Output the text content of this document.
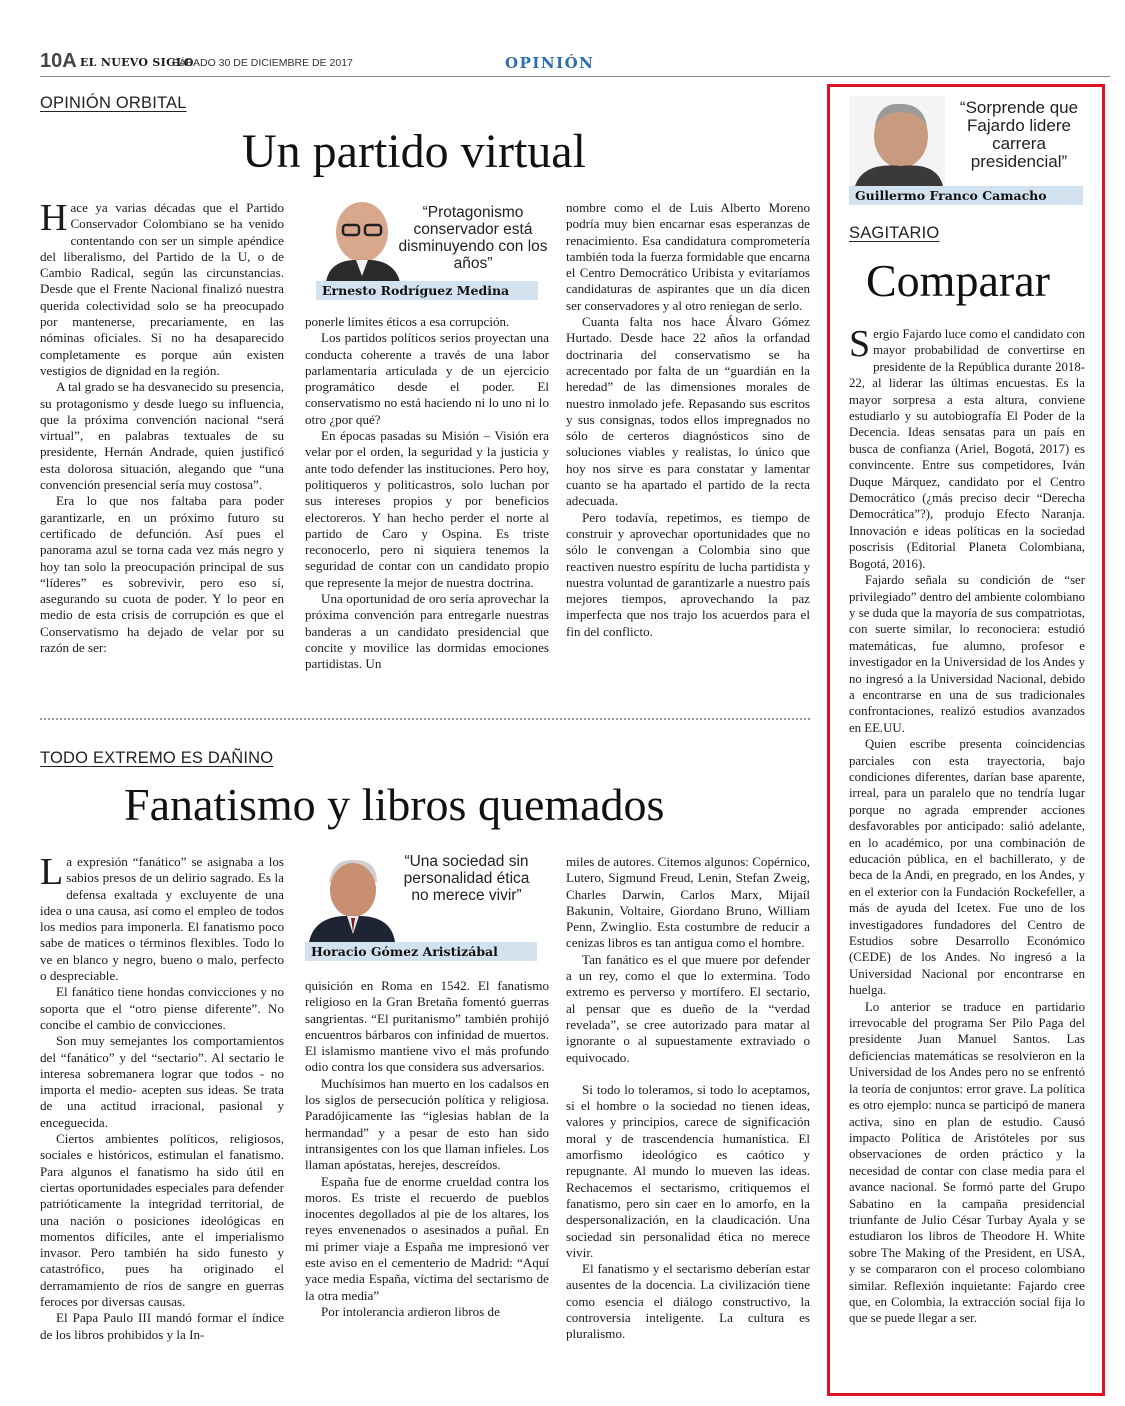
10A EL NUEVO SIGLO
SÁBADO 30 DE DICIEMBRE DE 2017	OPINIÓN
OPINIÓN ORBITAL
Un partido virtual

Hace ya varias décadas que el Partido Conservador Colombiano se ha venido contentando con ser un simple apéndice del liberalismo, del Partido de la U, o de Cambio Radical, según las circunstancias. Desde que el Frente Nacional finalizó nuestra querida colectividad solo se ha preocupado por mantenerse, precariamente, en las nóminas oficiales. Si no ha desaparecido completamente es porque aún existen vestigios de dignidad en la región.

A tal grado se ha desvanecido su presencia, su protagonismo y desde luego su influencia, que la próxima convención nacional “será virtual”, en palabras textuales de su presidente, Hernán Andrade, quien justificó esta dolorosa situación, alegando que “una convención presencial sería muy costosa”.

Era lo que nos faltaba para poder garantizarle, en un próximo futuro su certificado de defunción. Así pues el panorama azul se torna cada vez más negro y hoy tan solo la preocupación principal de sus “líderes” es sobrevivir, pero eso sí, asegurando su cuota de poder. Y lo peor en medio de esta crisis de corrupción es que el Conservatismo ha dejado de velar por su razón de ser:

“Protagonismo conservador está disminuyendo con los años”
Ernesto Rodríguez Medina

ponerle límites éticos a esa corrupción.

Los partidos políticos serios proyectan una conducta coherente a través de una labor parlamentaria articulada y de un ejercicio programático desde el poder. El conservatismo no está haciendo ni lo uno ni lo otro ¿por qué?

En épocas pasadas su Misión – Visión era velar por el orden, la seguridad y la justicia y ante todo defender las instituciones. Pero hoy, politiqueros y politicastros, solo luchan por sus intereses propios y por beneficios electoreros. Y han hecho perder el norte al partido de Caro y Ospina. Es triste reconocerlo, pero ni siquiera tenemos la seguridad de contar con un candidato propio que represente la mejor de nuestra doctrina.

Una oportunidad de oro sería aprovechar la próxima convención para entregarle nuestras banderas a un candidato presidencial que concite y movilice las dormidas emociones partidistas. Un

nombre como el de Luis Alberto Moreno podría muy bien encarnar esas esperanzas de renacimiento. Esa candidatura comprometería también toda la fuerza formidable que encarna el Centro Democrático Uribista y evitaríamos candidaturas de aspirantes que un día dicen ser conservadores y al otro reniegan de serlo.

Cuanta falta nos hace Álvaro Gómez Hurtado. Desde hace 22 años la orfandad doctrinaria del conservatismo se ha acrecentado por falta de un “guardián en la heredad” de las dimensiones morales de nuestro inmolado jefe. Repasando sus escritos y sus consignas, todos ellos impregnados no sólo de certeros diagnósticos sino de soluciones viables y realistas, lo único que hoy nos sirve es para constatar y lamentar cuanto se ha apartado el partido de la recta adecuada.

Pero todavía, repetimos, es tiempo de construir y aprovechar oportunidades que no sólo le convengan a Colombia sino que reactiven nuestro espíritu de lucha partidista y nuestra voluntad de garantizarle a nuestro país mejores tiempos, aprovechando la paz imperfecta que nos trajo los acuerdos para el fin del conflicto.

TODO EXTREMO ES DAÑINO
Fanatismo y libros quemados

La expresión “fanático” se asignaba a los sabios presos de un delirio sagrado. Es la defensa exaltada y excluyente de una idea o una causa, así como el empleo de todos los medios para imponerla. El fanatismo poco sabe de matices o términos flexibles. Todo lo ve en blanco y negro, bueno o malo, perfecto o despreciable.

El fanático tiene hondas convicciones y no soporta que el “otro piense diferente”. No concibe el cambio de convicciones.

Son muy semejantes los comportamientos del “fanático” y del “sectario”. Al sectario le interesa sobremanera lograr que todos - no importa el medio- acepten sus ideas. Se trata de una actitud irracional, pasional y enceguecida.

Ciertos ambientes políticos, religiosos, sociales e históricos, estimulan el fanatismo. Para algunos el fanatismo ha sido útil en ciertas oportunidades especiales para defender patrióticamente la integridad territorial, de una nación o posiciones ideológicas en momentos difíciles, ante el imperialismo invasor. Pero también ha sido funesto y catastrófico, pues ha originado el derramamiento de ríos de sangre en guerras feroces por diversas causas.

El Papa Paulo III mandó formar el índice de los libros prohibidos y la In-

“Una sociedad sin personalidad ética no merece vivir”
Horacio Gómez Aristizábal

quisición en Roma en 1542. El fanatismo religioso en la Gran Bretaña fomentó guerras sangrientas. “El puritanismo” también prohijó encuentros bárbaros con infinidad de muertos. El islamismo mantiene vivo el más profundo odio contra los que considera sus adversarios.

Muchísimos han muerto en los cadalsos en los siglos de persecución política y religiosa. Paradójicamente las “iglesias hablan de la hermandad” y a pesar de esto han sido intransigentes con los que llaman infieles. Los llaman apóstatas, herejes, descreídos.

España fue de enorme crueldad contra los moros. Es triste el recuerdo de pueblos inocentes degollados al pie de los altares, los reyes envenenados o asesinados a puñal. En mi primer viaje a España me impresionó ver este aviso en el cementerio de Madrid: “Aquí yace media España, víctima del sectarismo de la otra media”

Por intolerancia ardieron libros de

miles de autores. Citemos algunos: Copérnico, Lutero, Sigmund Freud, Lenin, Stefan Zweig, Charles Darwin, Carlos Marx, Mijaíl Bakunin, Voltaire, Giordano Bruno, William Penn, Zwinglio. Esta costumbre de reducir a cenizas libros es tan antigua como el hombre.

Tan fanático es el que muere por defender a un rey, como el que lo extermina. Todo extremo es perverso y mortífero. El sectario, al pensar que es dueño de la “verdad revelada”, se cree autorizado para matar al ignorante o al supuestamente extraviado o equivocado.

Si todo lo toleramos, si todo lo aceptamos, si el hombre o la sociedad no tienen ideas, valores y principios, carece de significación moral y de trascendencia humanística. El amorfismo ideológico es caótico y repugnante. Al mundo lo mueven las ideas. Rechacemos el sectarismo, critiquemos el fanatismo, pero sin caer en lo amorfo, en la despersonalización, en la claudicación. Una sociedad sin personalidad ética no merece vivir.

El fanatismo y el sectarismo deberían estar ausentes de la docencia. La civilización tiene como esencia el diálogo constructivo, la controversia inteligente. La cultura es pluralismo.

“Sorprende que Fajardo lidere carrera presidencial”
Guillermo Franco Camacho
SAGITARIO
Comparar

Sergio Fajardo luce como el candidato con mayor probabilidad de convertirse en presidente de la República durante 2018-22, al liderar las últimas encuestas. Es la mayor sorpresa a esta altura, conviene estudiarlo y su autobiografía El Poder de la Decencia. Ideas sensatas para un país en busca de confianza (Ariel, Bogotá, 2017) es convincente. Entre sus competidores, Iván Duque Márquez, candidato por el Centro Democrático (¿más preciso decir “Derecha Democrática”?), produjo Efecto Naranja. Innovación e ideas políticas en la sociedad poscrisis (Editorial Planeta Colombiana, Bogotá, 2016).

Fajardo señala su condición de “ser privilegiado” dentro del ambiente colombiano y se duda que la mayoría de sus compatriotas, con suerte similar, lo reconociera: estudió matemáticas, fue alumno, profesor e investigador en la Universidad de los Andes y no ingresó a la Universidad Nacional, debido a encontrarse en una de sus tradicionales confrontaciones, realizó estudios avanzados en EE.UU.

Quien escribe presenta coincidencias parciales con esta trayectoria, bajo condiciones diferentes, darían base aparente, irreal, para un paralelo que no tendría lugar porque no agrada emprender acciones desfavorables por anticipado: salió adelante, en lo académico, por una combinación de educación pública, en el bachillerato, y de beca de la Andi, en pregrado, en los Andes, y en el exterior con la Fundación Rockefeller, a más de ayuda del Icetex. Fue uno de los investigadores fundadores del Centro de Estudios sobre Desarrollo Económico (CEDE) de los Andes. No ingresó a la Universidad Nacional por encontrarse en huelga.

Lo anterior se traduce en partidario irrevocable del programa Ser Pilo Paga del presidente Juan Manuel Santos. Las deficiencias matemáticas se resolvieron en la Universidad de los Andes pero no se enfrentó la teoría de conjuntos: error grave. La política es otro ejemplo: nunca se participó de manera activa, sino en plan de estudio. Causó impacto Política de Aristóteles por sus observaciones de orden práctico y la necesidad de contar con clase media para el avance nacional. Se formó parte del Grupo Sabatino en la campaña presidencial triunfante de Julio César Turbay Ayala y se estudiaron los libros de Theodore H. White sobre The Making of the President, en USA, y se compararon con el proceso colombiano similar. Reflexión inquietante: Fajardo cree que, en Colombia, la extracción social fija lo que se puede llegar a ser.
